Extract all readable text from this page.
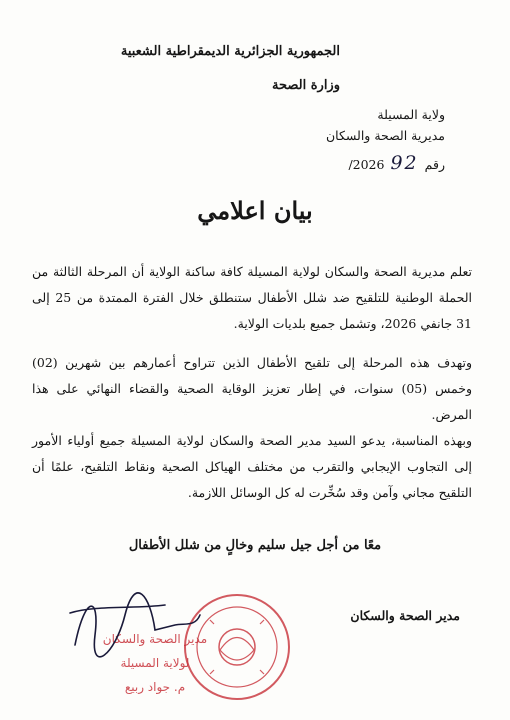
الجمهورية الجزائرية الديمقراطية الشعبية
وزارة الصحة
ولاية المسيلة
مديرية الصحة والسكان
رقم
92
/2026
بيان اعلامي
تعلم مديرية الصحة والسكان لولاية المسيلة كافة ساكنة الولاية أن المرحلة الثالثة من الحملة الوطنية للتلقيح ضد شلل الأطفال ستنطلق خلال الفترة الممتدة من 25 إلى 31 جانفي 2026، وتشمل جميع بلديات الولاية.
وتهدف هذه المرحلة إلى تلقيح الأطفال الذين تتراوح أعمارهم بين شهرين (02) وخمس (05) سنوات، في إطار تعزيز الوقاية الصحية والقضاء النهائي على هذا المرض.
وبهذه المناسبة، يدعو السيد مدير الصحة والسكان لولاية المسيلة جميع أولياء الأمور إلى التجاوب الإيجابي والتقرب من مختلف الهياكل الصحية ونقاط التلقيح، علمًا أن التلقيح مجاني وآمن وقد سُخِّرت له كل الوسائل اللازمة.
معًا من أجل جيل سليم وخالٍ من شلل الأطفال
مدير الصحة والسكان
لولاية المسيلة
م. جواد ربيع
مدير الصحة والسكان
